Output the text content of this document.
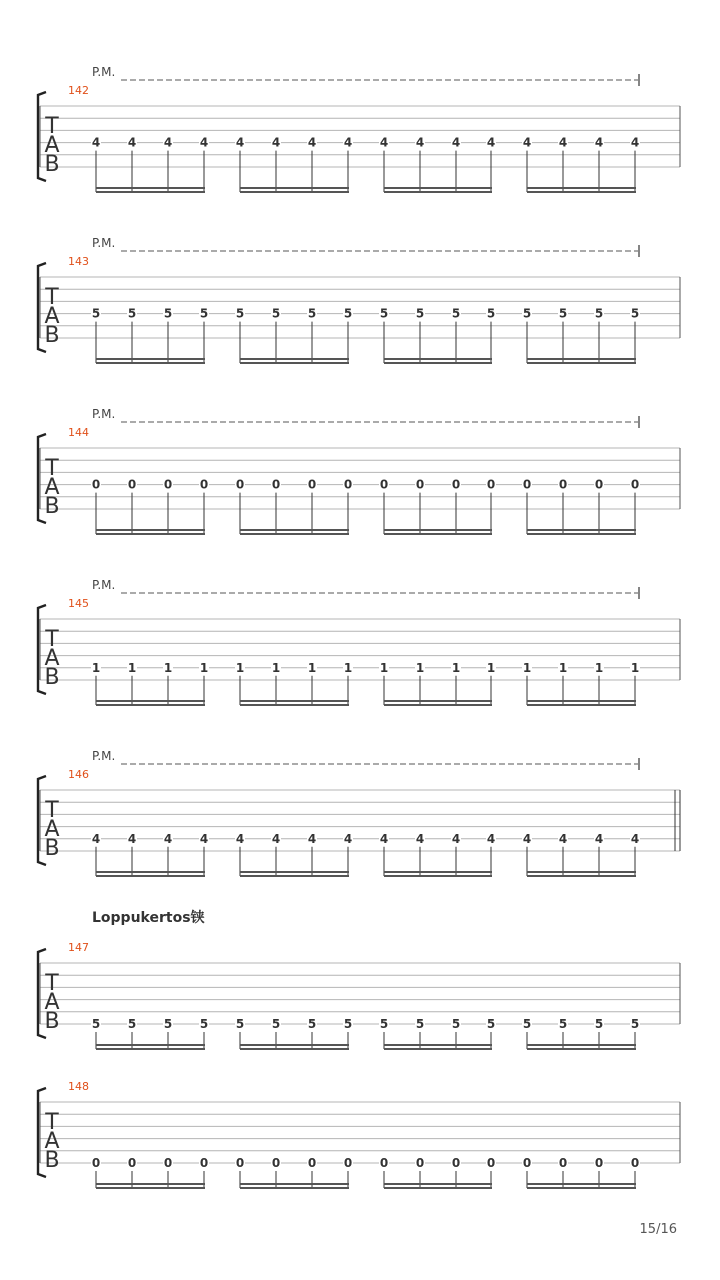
P.M.
142
T
A
B
4 4 4 4 4 4 4 4 4 4 4 4 4 4 4 4
P.M.
143
T
A
B
5 5 5 5 5 5 5 5 5 5 5 5 5 5 5 5
P.M.
144
T
A
B
0 0 0 0 0 0 0 0 0 0 0 0 0 0 0 0
P.M.
145
T
A
B	1 1 1 1 1 1 1 1 1 1 1 1 1 1 1 1
P.M.
146
T
A
B	4 4 4 4 4 4 4 4 4 4 4 4 4 4 4 4
Loppukertos铗
147
T
A
B	5 5 5 5 5 5 5 5 5 5 5 5 5 5 5 5
148
T
A
B	0 0 0 0 0 0 0 0 0 0 0 0 0 0 0 0
15/16
